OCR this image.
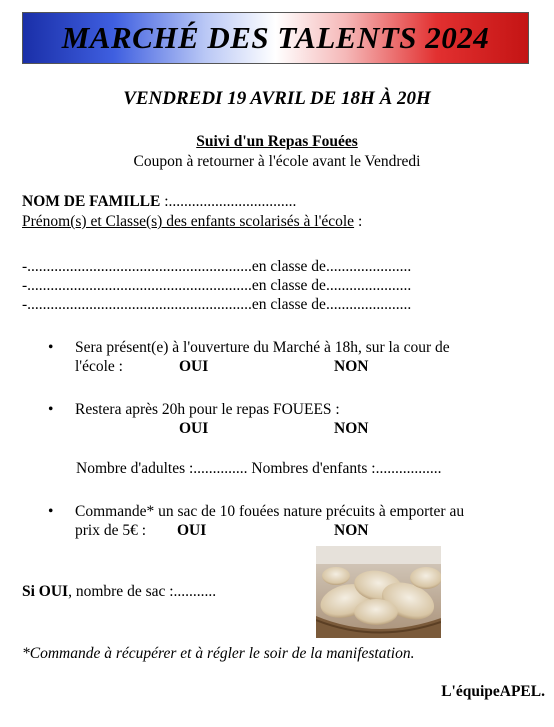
MARCHÉ DES TALENTS 2024
VENDREDI 19 AVRIL DE 18H À 20H
Suivi d'un Repas Fouées
Coupon à retourner à l'école avant le Vendredi
NOM DE FAMILLE :.................................
Prénom(s) et Classe(s) des enfants scolarisés à l'école :
-..........................................................en classe de......................
-..........................................................en classe de......................
-..........................................................en classe de......................
• Sera présent(e) à l'ouverture du Marché à 18h, sur la cour de
l'école :	OUI	NON
• Restera après 20h pour le repas FOUEES :
OUI	NON
Nombre d'adultes :.............. Nombres d'enfants :.................
• Commande* un sac de 10 fouées nature précuits à emporter au
prix de 5€ : OUI	NON
Si OUI, nombre de sac :...........
*Commande à récupérer et à régler le soir de la manifestation.
L'équipeAPEL.
